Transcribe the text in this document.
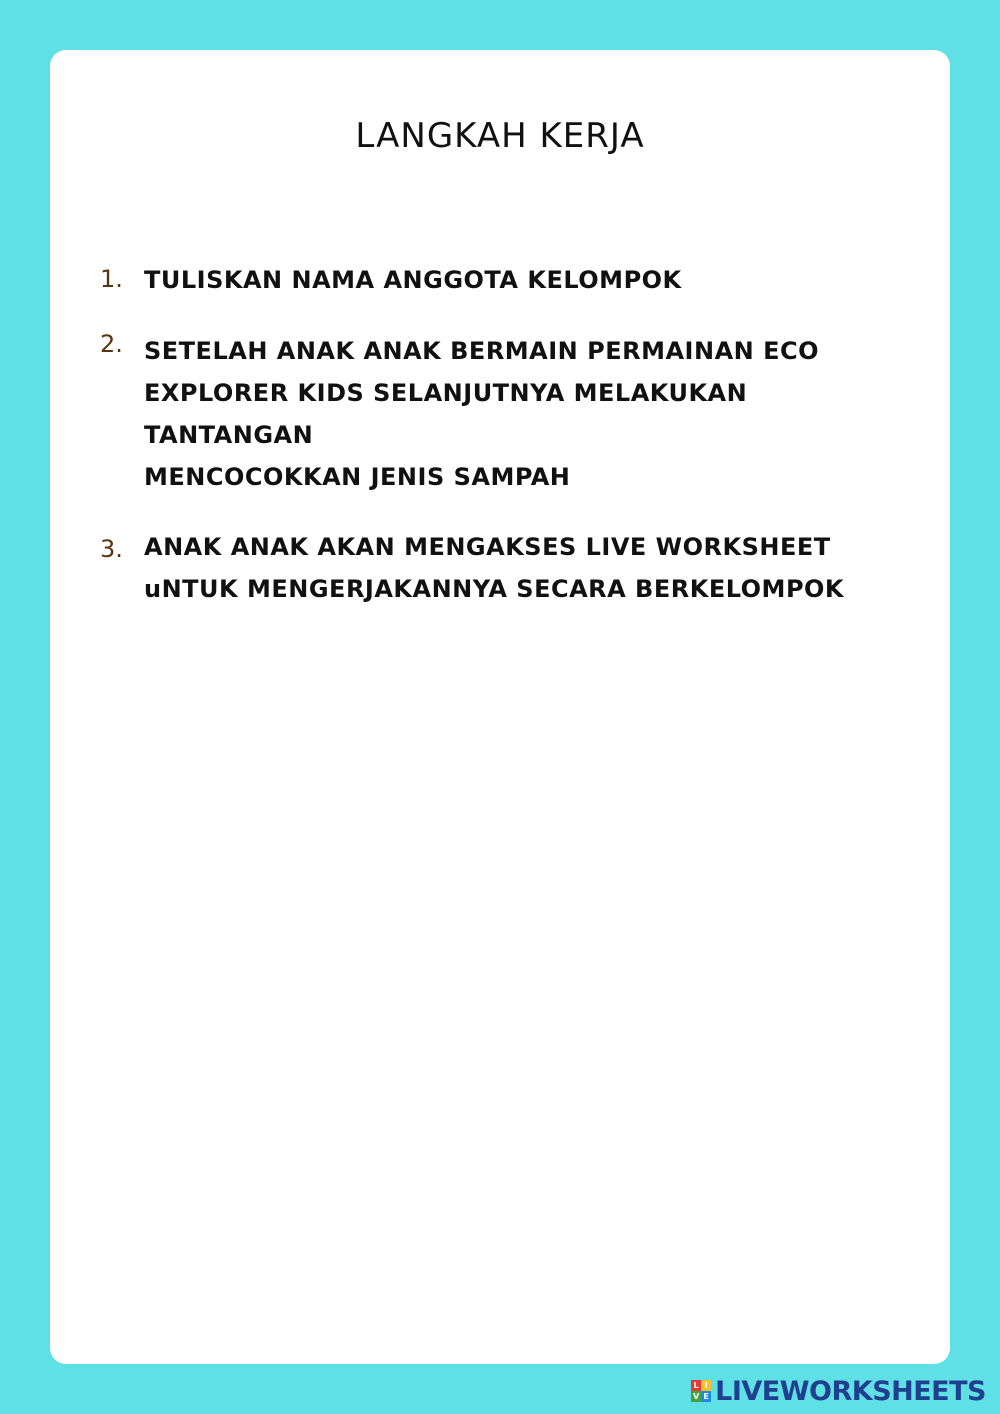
LANGKAH KERJA
1. TULISKAN NAMA ANGGOTA KELOMPOK

2. SETELAH ANAK ANAK BERMAIN PERMAINAN ECO
EXPLORER KIDS SELANJUTNYA MELAKUKAN TANTANGAN
MENCOCOKKAN JENIS SAMPAH

3. ANAK ANAK AKAN MENGAKSES LIVE WORKSHEET
uNTUK MENGERJAKANNYA SECARA BERKELOMPOK

L I
V E LIVEWORKSHEETS
